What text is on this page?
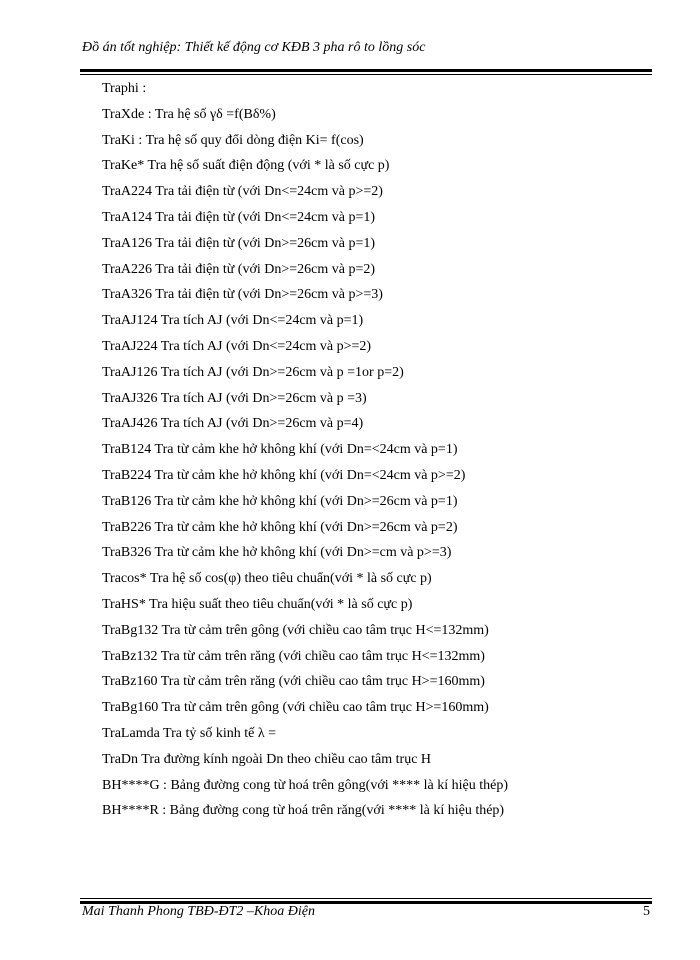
Đồ án tốt nghiệp: Thiết kế động cơ KĐB 3 pha rô to lồng sóc
Traphi :
TraXde : Tra hệ số γδ =f(Bδ%)
TraKi : Tra hệ số quy đổi dòng điện Ki= f(cos)
TraKe* Tra hệ số suất điện động (với * là số cực p)
TraA224 Tra tải điện từ (với Dn<=24cm và p>=2)
TraA124 Tra tải điện từ (với Dn<=24cm và p=1)
TraA126 Tra tải điện từ (với Dn>=26cm và p=1)
TraA226 Tra tải điện từ (với Dn>=26cm và p=2)
TraA326 Tra tải điện từ (với Dn>=26cm và p>=3)
TraAJ124 Tra tích AJ (với Dn<=24cm và p=1)
TraAJ224 Tra tích AJ (với Dn<=24cm và p>=2)
TraAJ126 Tra tích AJ (với Dn>=26cm và p =1or p=2)
TraAJ326 Tra tích AJ (với Dn>=26cm và p =3)
TraAJ426 Tra tích AJ (với Dn>=26cm và p=4)
TraB124 Tra từ cảm khe hở không khí (với Dn=<24cm và p=1)
TraB224 Tra từ cảm khe hở không khí (với Dn=<24cm và p>=2)
TraB126 Tra từ cảm khe hở không khí (với Dn>=26cm và p=1)
TraB226 Tra từ cảm khe hở không khí (với Dn>=26cm và p=2)
TraB326 Tra từ cảm khe hở không khí (với Dn>=cm và p>=3)
Tracos* Tra hệ số cos(φ) theo tiêu chuẩn(với * là số cực p)
TraHS* Tra hiệu suất theo tiêu chuẩn(với * là số cực p)
TraBg132 Tra từ cảm trên gông (với chiều cao tâm trục H<=132mm)
TraBz132 Tra từ cảm trên răng (với chiều cao tâm trục H<=132mm)
TraBz160 Tra từ cảm trên răng (với chiều cao tâm trục H>=160mm)
TraBg160 Tra từ cảm trên gông (với chiều cao tâm trục H>=160mm)
TraLamda Tra tỷ số kinh tế λ =
TraDn Tra đường kính ngoài Dn theo chiều cao tâm trục H
BH****G : Bảng đường cong từ hoá trên gông(với **** là kí hiệu thép)
BH****R : Bảng đường cong từ hoá trên răng(với **** là kí hiệu thép)
Mai Thanh Phong TBĐ-ĐT2 –Khoa Điện	5
